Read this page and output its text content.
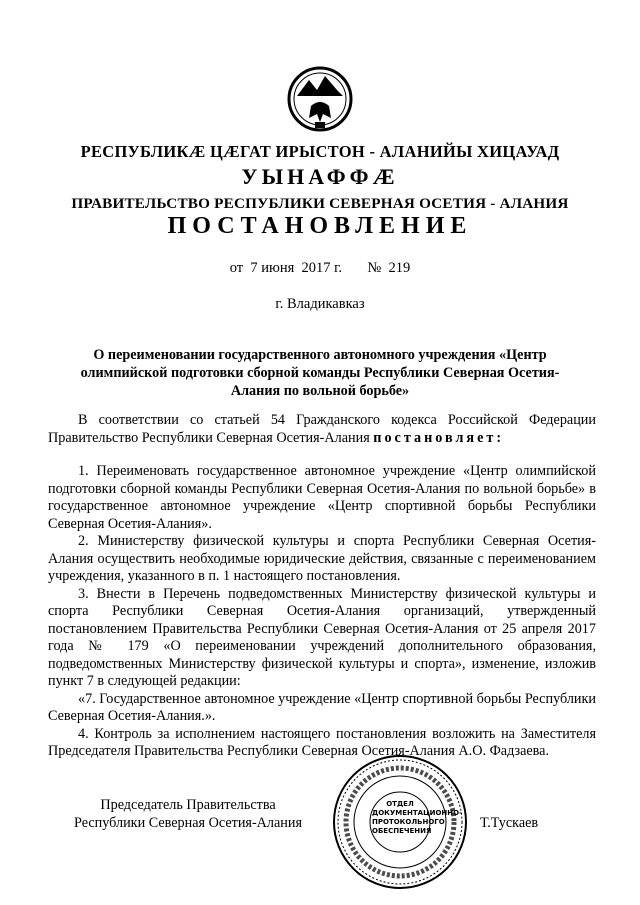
РЕСПУБЛИКӔ ЦӔГАТ ИРЫСТОН - АЛАНИЙЫ ХИЦАУАД
УЫНАФФӔ
ПРАВИТЕЛЬСТВО РЕСПУБЛИКИ СЕВЕРНАЯ ОСЕТИЯ - АЛАНИЯ
ПОСТАНОВЛЕНИЕ
от  7 июня  2017 г.       №  219
г. Владикавказ
О переименовании государственного автономного учреждения «Центр олимпийской подготовки сборной команды Республики Северная Осетия-Алания по вольной борьбе»

В соответствии со статьей 54 Гражданского кодекса Российской Федерации Правительство Республики Северная Осетия-Алания постановляет:

1. Переименовать государственное автономное учреждение «Центр олимпийской подготовки сборной команды Республики Северная Осетия-Алания по вольной борьбе» в государственное автономное учреждение «Центр спортивной борьбы Республики Северная Осетия-Алания».

2. Министерству физической культуры и спорта Республики Северная Осетия-Алания осуществить необходимые юридические действия, связанные с переименованием учреждения, указанного в п. 1 настоящего постановления.

3. Внести в Перечень подведомственных Министерству физической культуры и спорта Республики Северная Осетия-Алания организаций, утвержденный постановлением Правительства Республики Северная Осетия-Алания от 25 апреля 2017 года № 179 «О переименовании учреждений дополнительного образования, подведомственных Министерству физической культуры и спорта», изменение, изложив пункт 7 в следующей редакции:

«7. Государственное автономное учреждение «Центр спортивной борьбы Республики Северная Осетия-Алания.».

4. Контроль за исполнением настоящего постановления возложить на Заместителя Председателя Правительства Республики Северная Осетия-Алания А.О. Фадзаева.

Председатель Правительства
Республики Северная Осетия-Алания
ОТДЕЛ ДОКУМЕНТАЦИОННО-ПРОТОКОЛЬНОГО ОБЕСПЕЧЕНИЯ	Т.Тускаев
